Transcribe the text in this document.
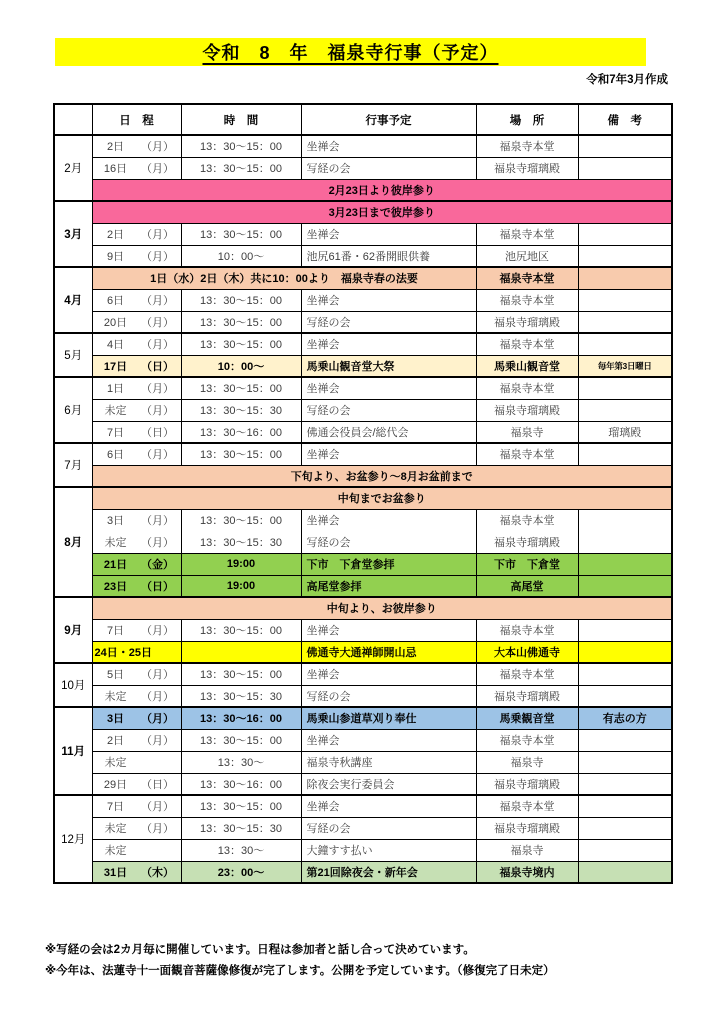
令和　8　年　福泉寺行事（予定）
令和7年3月作成
	日　程	時　間	行事予定	場　所	備　考
2月	2日 （月）	13：30～15：00	坐禅会	福泉寺本堂	

	16日 （月）	13：30～15：00	写経の会	福泉寺瑠璃殿	
	2月23日より彼岸参り				
3月	3月23日まで彼岸参り				

	2日 （月）	13：30～15：00	坐禅会	福泉寺本堂	

	9日 （月）	10：00～	池尻61番・62番開眼供養	池尻地区	
4月	1日（水）2日（木）共に10：00より　福泉寺春の法要			福泉寺本堂	

	6日 （月）	13：30～15：00	坐禅会	福泉寺本堂	

	20日 （月）	13：30～15：00	写経の会	福泉寺瑠璃殿	
5月	4日 （月）	13：30～15：00	坐禅会	福泉寺本堂	

	17日 （日）	10：00～	馬乗山観音堂大祭	馬乗山観音堂	毎年第3日曜日
6月	1日 （月）	13：30～15：00	坐禅会	福泉寺本堂	

	未定 （月）	13：30～15：30	写経の会	福泉寺瑠璃殿	

	7日 （日）	13：30～16：00	佛通会役員会/総代会	福泉寺	瑠璃殿
7月	6日 （月）	13：30～15：00	坐禅会	福泉寺本堂	
	下旬より、お盆参り～8月お盆前まで				
8月	中旬までお盆参り				

	3日 （月）	13：30～15：00	坐禅会	福泉寺本堂	

	未定 （月）	13：30～15：30	写経の会	福泉寺瑠璃殿	

	21日 （金）	19:00	下市　下倉堂参拝	下市　下倉堂	

	23日 （日）	19:00	高尾堂参拝	高尾堂	
9月	中旬より、お彼岸参り				

	7日 （月）	13：30～15：00	坐禅会	福泉寺本堂	

	24日・25日		佛通寺大通禅師開山忌	大本山佛通寺	
10月	5日 （月）	13：30～15：00	坐禅会	福泉寺本堂	

	未定 （月）	13：30～15：30	写経の会	福泉寺瑠璃殿	
11月	3日 （月）	13：30～16：00	馬乗山参道草刈り奉仕	馬乗観音堂	有志の方

	2日 （月）	13：30～15：00	坐禅会	福泉寺本堂	

	未定	13：30～	福泉寺秋講座	福泉寺	

	29日 （日）	13：30～16：00	除夜会実行委員会	福泉寺瑠璃殿	
12月	7日 （月）	13：30～15：00	坐禅会	福泉寺本堂	

	未定 （月）	13：30～15：30	写経の会	福泉寺瑠璃殿	

	未定	13：30～	大鐘すす払い	福泉寺	

	31日 （木）	23：00～	第21回除夜会・新年会	福泉寺境内	
※写経の会は2カ月毎に開催しています。日程は参加者と話し合って決めています。
※今年は、法蓮寺十一面観音菩薩像修復が完了します。公開を予定しています。（修復完了日未定）
